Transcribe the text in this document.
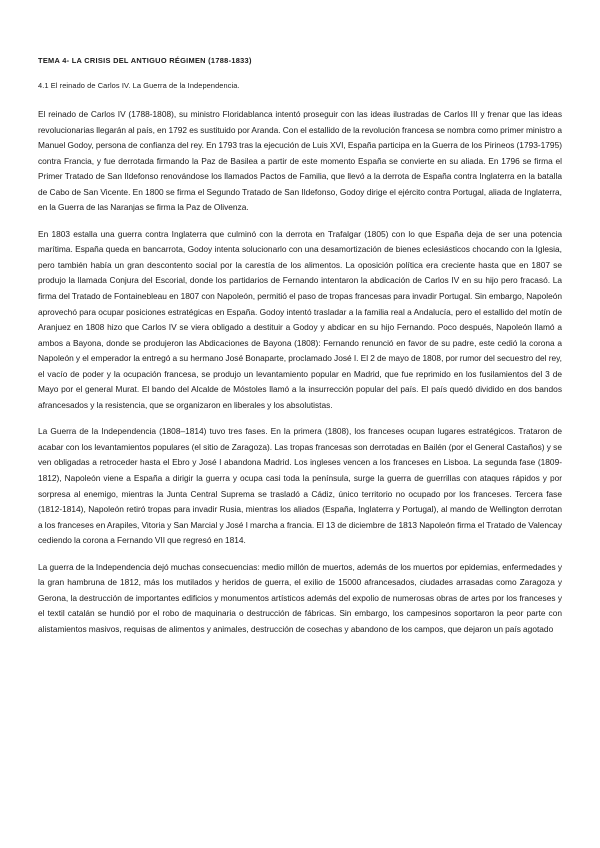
TEMA 4- LA CRISIS DEL ANTIGUO RÉGIMEN (1788-1833)
4.1 El reinado de Carlos IV. La Guerra de la Independencia.

El reinado de Carlos IV (1788-1808), su ministro Floridablanca intentó proseguir con las ideas ilustradas de Carlos III y frenar que las ideas revolucionarias llegarán al país, en 1792 es sustituido por Aranda. Con el estallido de la revolución francesa se nombra como primer ministro a Manuel Godoy, persona de confianza del rey. En 1793 tras la ejecución de Luis XVI, España participa en la Guerra de los Pirineos (1793-1795) contra Francia, y fue derrotada firmando la Paz de Basilea a partir de este momento España se convierte en su aliada. En 1796 se firma el Primer Tratado de San Ildefonso renovándose los llamados Pactos de Familia, que llevó a la derrota de España contra Inglaterra en la batalla de Cabo de San Vicente. En 1800 se firma el Segundo Tratado de San Ildefonso, Godoy dirige el ejército contra Portugal, aliada de Inglaterra, en la Guerra de las Naranjas se firma la Paz de Olivenza.

En 1803 estalla una guerra contra Inglaterra que culminó con la derrota en Trafalgar (1805) con lo que España deja de ser una potencia marítima. España queda en bancarrota, Godoy intenta solucionarlo con una desamortización de bienes eclesiásticos chocando con la Iglesia, pero también había un gran descontento social por la carestía de los alimentos. La oposición política era creciente hasta que en 1807 se produjo la llamada Conjura del Escorial, donde los partidarios de Fernando intentaron la abdicación de Carlos IV en su hijo pero fracasó. La firma del Tratado de Fontainebleau en 1807 con Napoleón, permitió el paso de tropas francesas para invadir Portugal. Sin embargo, Napoleón aprovechó para ocupar posiciones estratégicas en España. Godoy intentó trasladar a la familia real a Andalucía, pero el estallido del motín de Aranjuez en 1808 hizo que Carlos IV se viera obligado a destituir a Godoy y abdicar en su hijo Fernando. Poco después, Napoleón llamó a ambos a Bayona, donde se produjeron las Abdicaciones de Bayona (1808): Fernando renunció en favor de su padre, este cedió la corona a Napoleón y el emperador la entregó a su hermano José Bonaparte, proclamado José I. El 2 de mayo de 1808, por rumor del secuestro del rey, el vacío de poder y la ocupación francesa, se produjo un levantamiento popular en Madrid, que fue reprimido en los fusilamientos del 3 de Mayo por el general Murat. El bando del Alcalde de Móstoles llamó a la insurrección popular del país. El país quedó dividido en dos bandos afrancesados y la resistencia, que se organizaron en liberales y los absolutistas.

La Guerra de la Independencia (1808–1814) tuvo tres fases. En la primera (1808), los franceses ocupan lugares estratégicos. Trataron de acabar con los levantamientos populares (el sitio de Zaragoza). Las tropas francesas son derrotadas en Bailén (por el General Castaños) y se ven obligadas a retroceder hasta el Ebro y José I abandona Madrid. Los ingleses vencen a los franceses en Lisboa. La segunda fase (1809-1812), Napoleón viene a España a dirigir la guerra y ocupa casi toda la península, surge la guerra de guerrillas con ataques rápidos y por sorpresa al enemigo, mientras la Junta Central Suprema se trasladó a Cádiz, único territorio no ocupado por los franceses. Tercera fase (1812-1814), Napoleón retiró tropas para invadir Rusia, mientras los aliados (España, Inglaterra y Portugal), al mando de Wellington derrotan a los franceses en Arapiles, Vitoria y San Marcial y José I marcha a francia. El 13 de diciembre de 1813 Napoleón firma el Tratado de Valencay cediendo la corona a Fernando VII que regresó en 1814.

La guerra de la Independencia dejó muchas consecuencias: medio millón de muertos, además de los muertos por epidemias, enfermedades y la gran hambruna de 1812, más los mutilados y heridos de guerra, el exilio de 15000 afrancesados, ciudades arrasadas como Zaragoza y Gerona, la destrucción de importantes edificios y monumentos artísticos además del expolio de numerosas obras de artes por los franceses y el textil catalán se hundió por el robo de maquinaria o destrucción de fábricas. Sin embargo, los campesinos soportaron la peor parte con alistamientos masivos, requisas de alimentos y animales, destrucción de cosechas y abandono de los campos, que dejaron un país agotado
